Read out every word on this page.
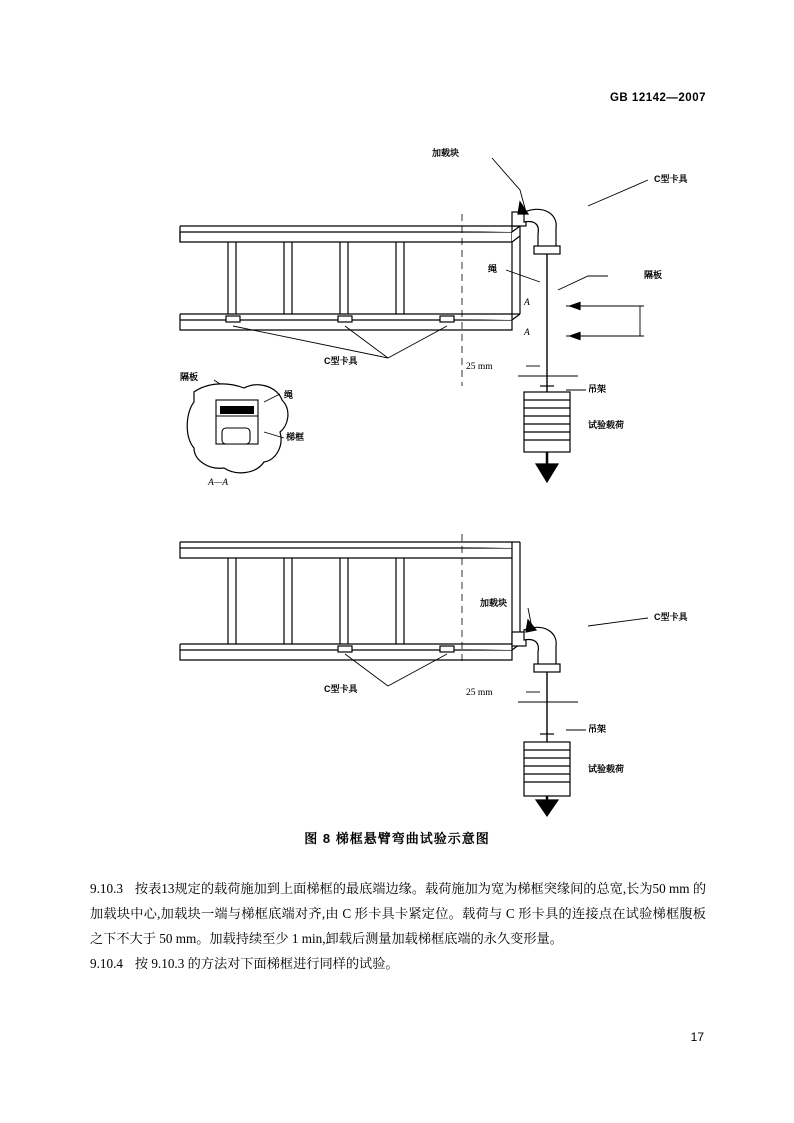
GB 12142—2007
加载块
C型卡具
绳
隔板
A
A
25 mm
吊架
试验载荷
C型卡具
隔板
绳
梯框
A—A
加载块
C型卡具
C型卡具	25 mm
吊架
试验载荷
图 8 梯框悬臂弯曲试验示意图

9.10.3 按表13规定的载荷施加到上面梯框的最底端边缘。载荷施加为宽为梯框突缘间的总宽,长为50 mm 的加载块中心,加载块一端与梯框底端对齐,由 C 形卡具卡紧定位。载荷与 C 形卡具的连接点在试验梯框腹板之下不大于 50 mm。加载持续至少 1 min,卸载后测量加载梯框底端的永久变形量。

9.10.4 按 9.10.3 的方法对下面梯框进行同样的试验。

17
